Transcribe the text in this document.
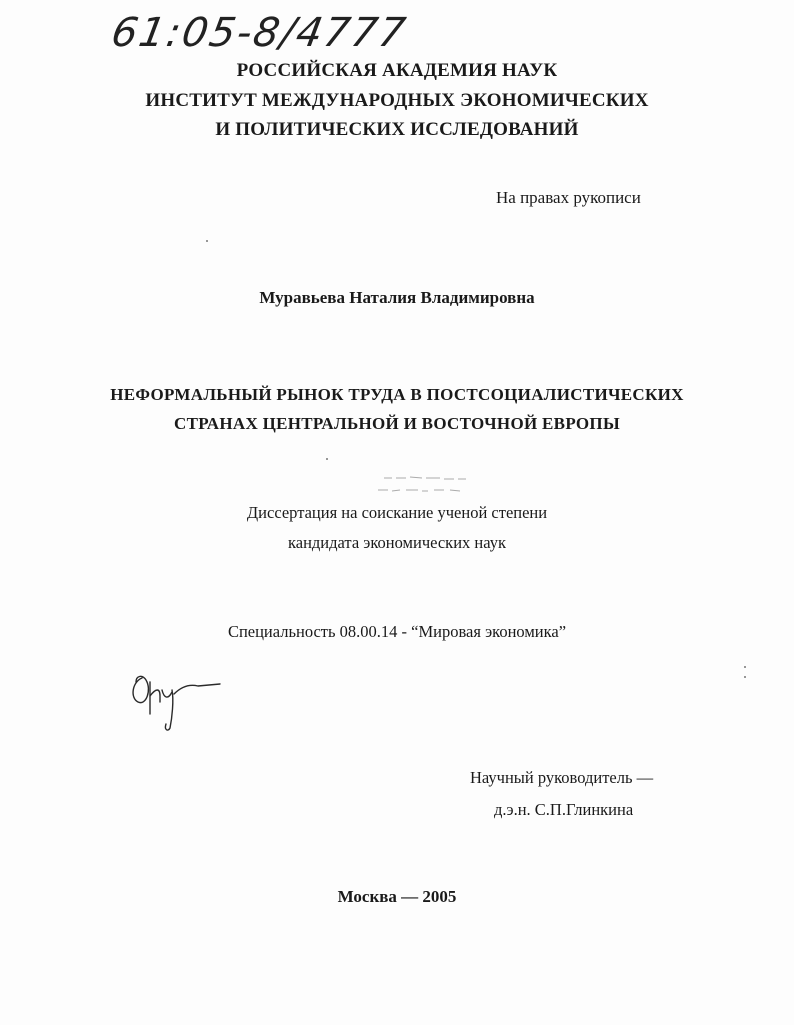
61:05-8/4777
РОССИЙСКАЯ АКАДЕМИЯ НАУК
ИНСТИТУТ МЕЖДУНАРОДНЫХ ЭКОНОМИЧЕСКИХ
И ПОЛИТИЧЕСКИХ ИССЛЕДОВАНИЙ
На правах рукописи
Муравьева Наталия Владимировна
НЕФОРМАЛЬНЫЙ РЫНОК ТРУДА В ПОСТСОЦИАЛИСТИЧЕСКИХ
СТРАНАХ ЦЕНТРАЛЬНОЙ И ВОСТОЧНОЙ ЕВРОПЫ
Диссертация на соискание ученой степени
кандидата экономических наук
Специальность 08.00.14 - “Мировая экономика”
Научный руководитель —
д.э.н. С.П.Глинкина
Москва — 2005
